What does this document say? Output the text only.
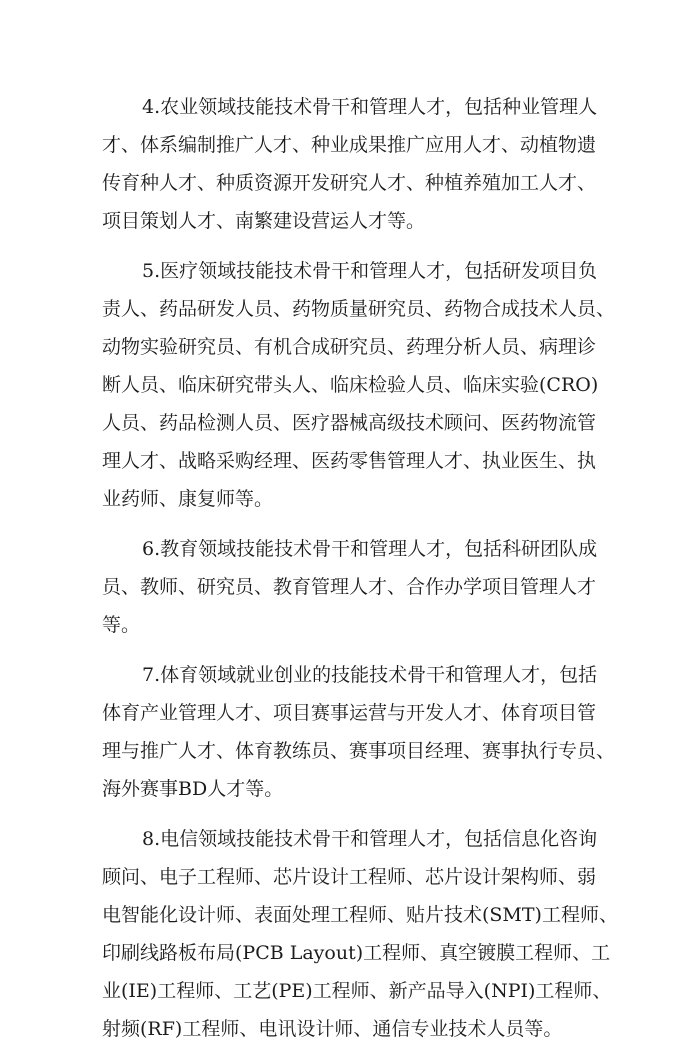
4.农业领域技能技术骨干和管理人才，包括种业管理人
才、体系编制推广人才、种业成果推广应用人才、动植物遗
传育种人才、种质资源开发研究人才、种植养殖加工人才、
项目策划人才、南繁建设营运人才等。
5.医疗领域技能技术骨干和管理人才，包括研发项目负
责人、药品研发人员、药物质量研究员、药物合成技术人员、
动物实验研究员、有机合成研究员、药理分析人员、病理诊
断人员、临床研究带头人、临床检验人员、临床实验(CRO)
人员、药品检测人员、医疗器械高级技术顾问、医药物流管
理人才、战略采购经理、医药零售管理人才、执业医生、执
业药师、康复师等。
6.教育领域技能技术骨干和管理人才，包括科研团队成
员、教师、研究员、教育管理人才、合作办学项目管理人才
等。
7.体育领域就业创业的技能技术骨干和管理人才，包括
体育产业管理人才、项目赛事运营与开发人才、体育项目管
理与推广人才、体育教练员、赛事项目经理、赛事执行专员、
海外赛事BD人才等。
8.电信领域技能技术骨干和管理人才，包括信息化咨询
顾问、电子工程师、芯片设计工程师、芯片设计架构师、弱
电智能化设计师、表面处理工程师、贴片技术(SMT)工程师、
印刷线路板布局(PCB Layout)工程师、真空镀膜工程师、工
业(IE)工程师、工艺(PE)工程师、新产品导入(NPI)工程师、
射频(RF)工程师、电讯设计师、通信专业技术人员等。
